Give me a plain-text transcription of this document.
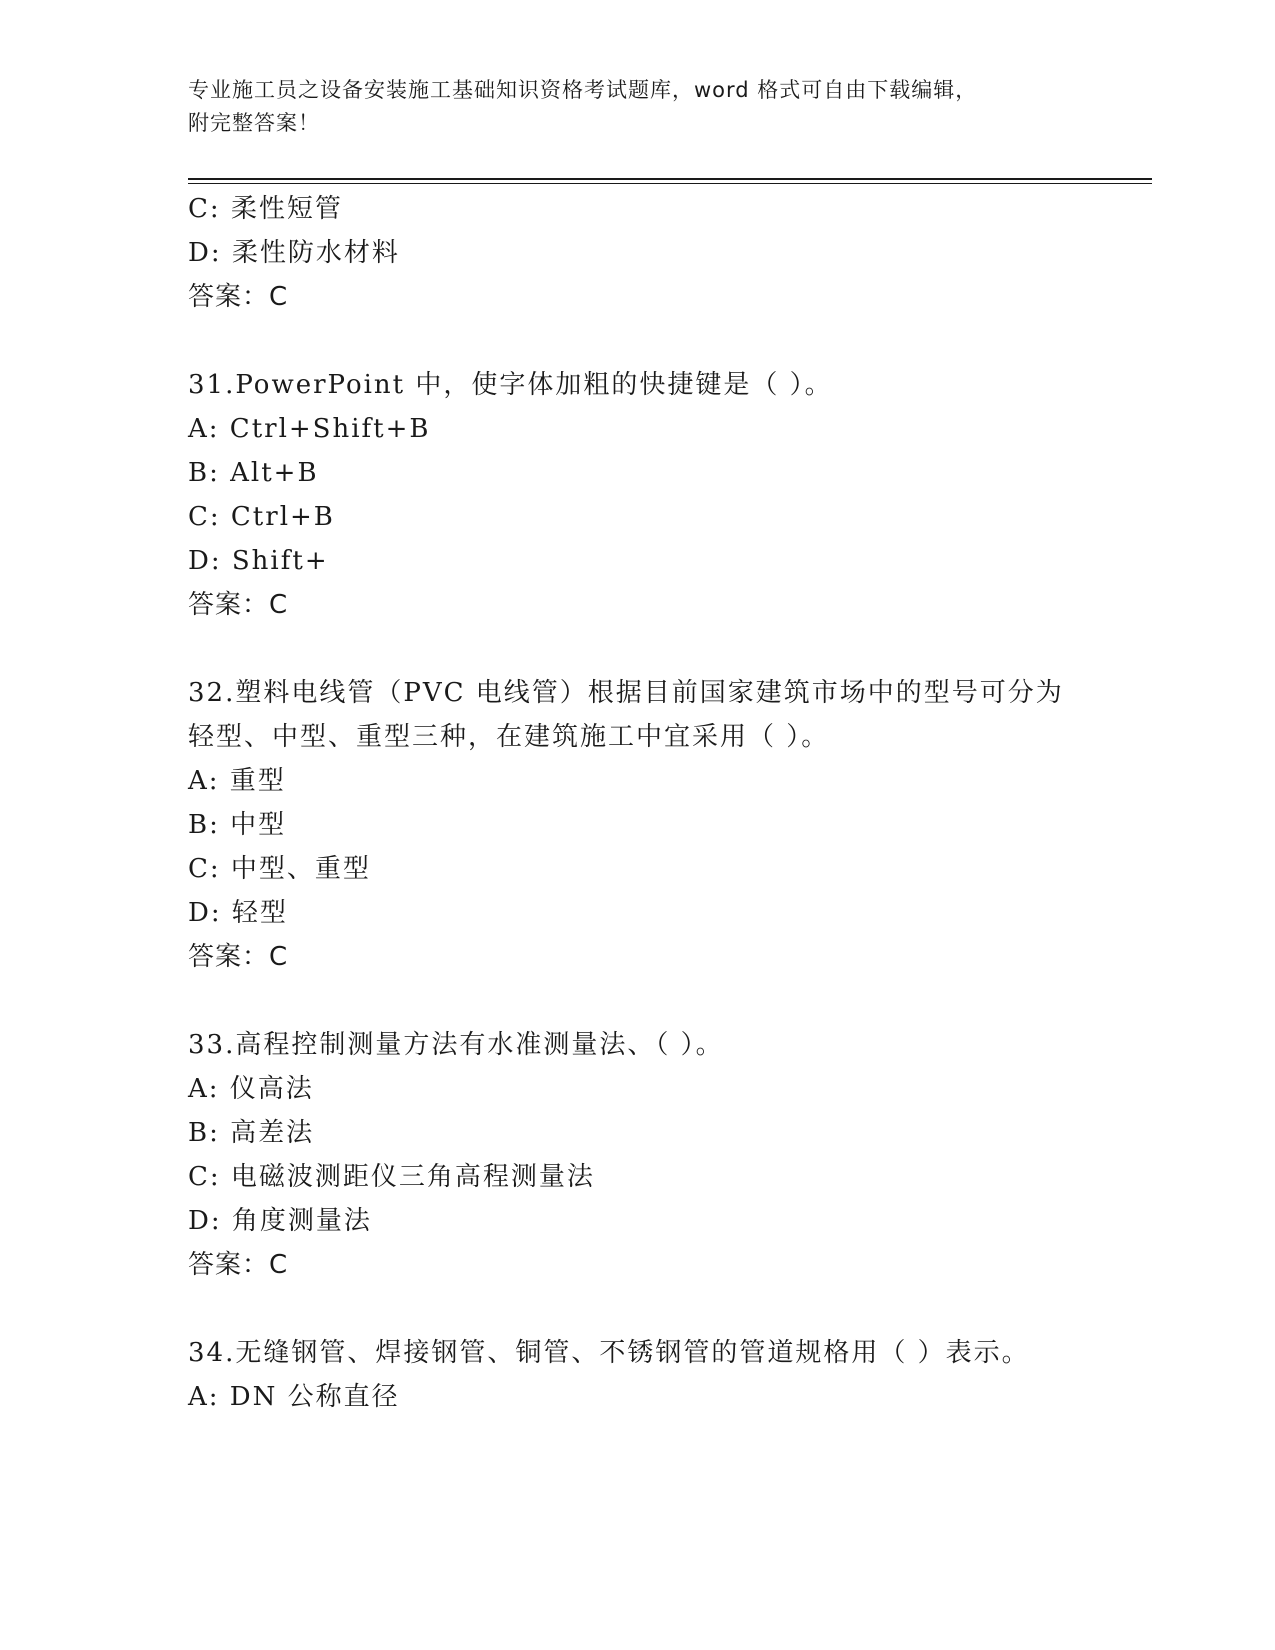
专业施工员之设备安装施工基础知识资格考试题库，word 格式可自由下载编辑，
附完整答案！
C: 柔性短管
D: 柔性防水材料
答案：C
31.PowerPoint 中，使字体加粗的快捷键是（ ）。
A: Ctrl+Shift+B
B: Alt+B
C: Ctrl+B
D: Shift+
答案：C
32.塑料电线管（PVC 电线管）根据目前国家建筑市场中的型号可分为
轻型、中型、重型三种，在建筑施工中宜采用（ ）。
A: 重型
B: 中型
C: 中型、重型
D: 轻型
答案：C
33.高程控制测量方法有水准测量法、（ ）。
A: 仪高法
B: 高差法
C: 电磁波测距仪三角高程测量法
D: 角度测量法
答案：C
34.无缝钢管、焊接钢管、铜管、不锈钢管的管道规格用（ ）表示。
A: DN 公称直径
